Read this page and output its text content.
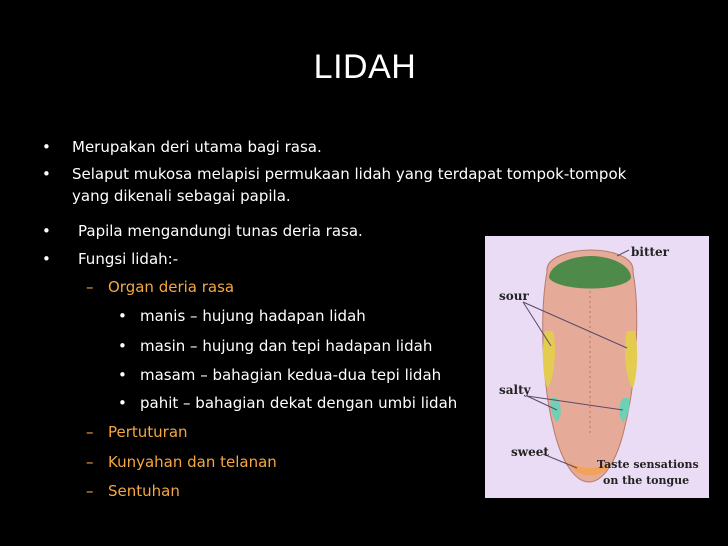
LIDAH
• Merupakan deri utama bagi rasa.
• Selaput mukosa melapisi permukaan lidah yang terdapat tompok-tompok
yang dikenali sebagai papila.
• Papila mengandungi tunas deria rasa.
• Fungsi lidah:-
– Organ deria rasa
• manis – hujung hadapan lidah
• masin – hujung dan tepi hadapan lidah
• masam – bahagian kedua-dua tepi lidah
• pahit – bahagian dekat dengan umbi lidah
– Pertuturan
– Kunyahan dan telanan
– Sentuhan
bitter
sour
salty
sweet
Taste sensations
on the tongue
